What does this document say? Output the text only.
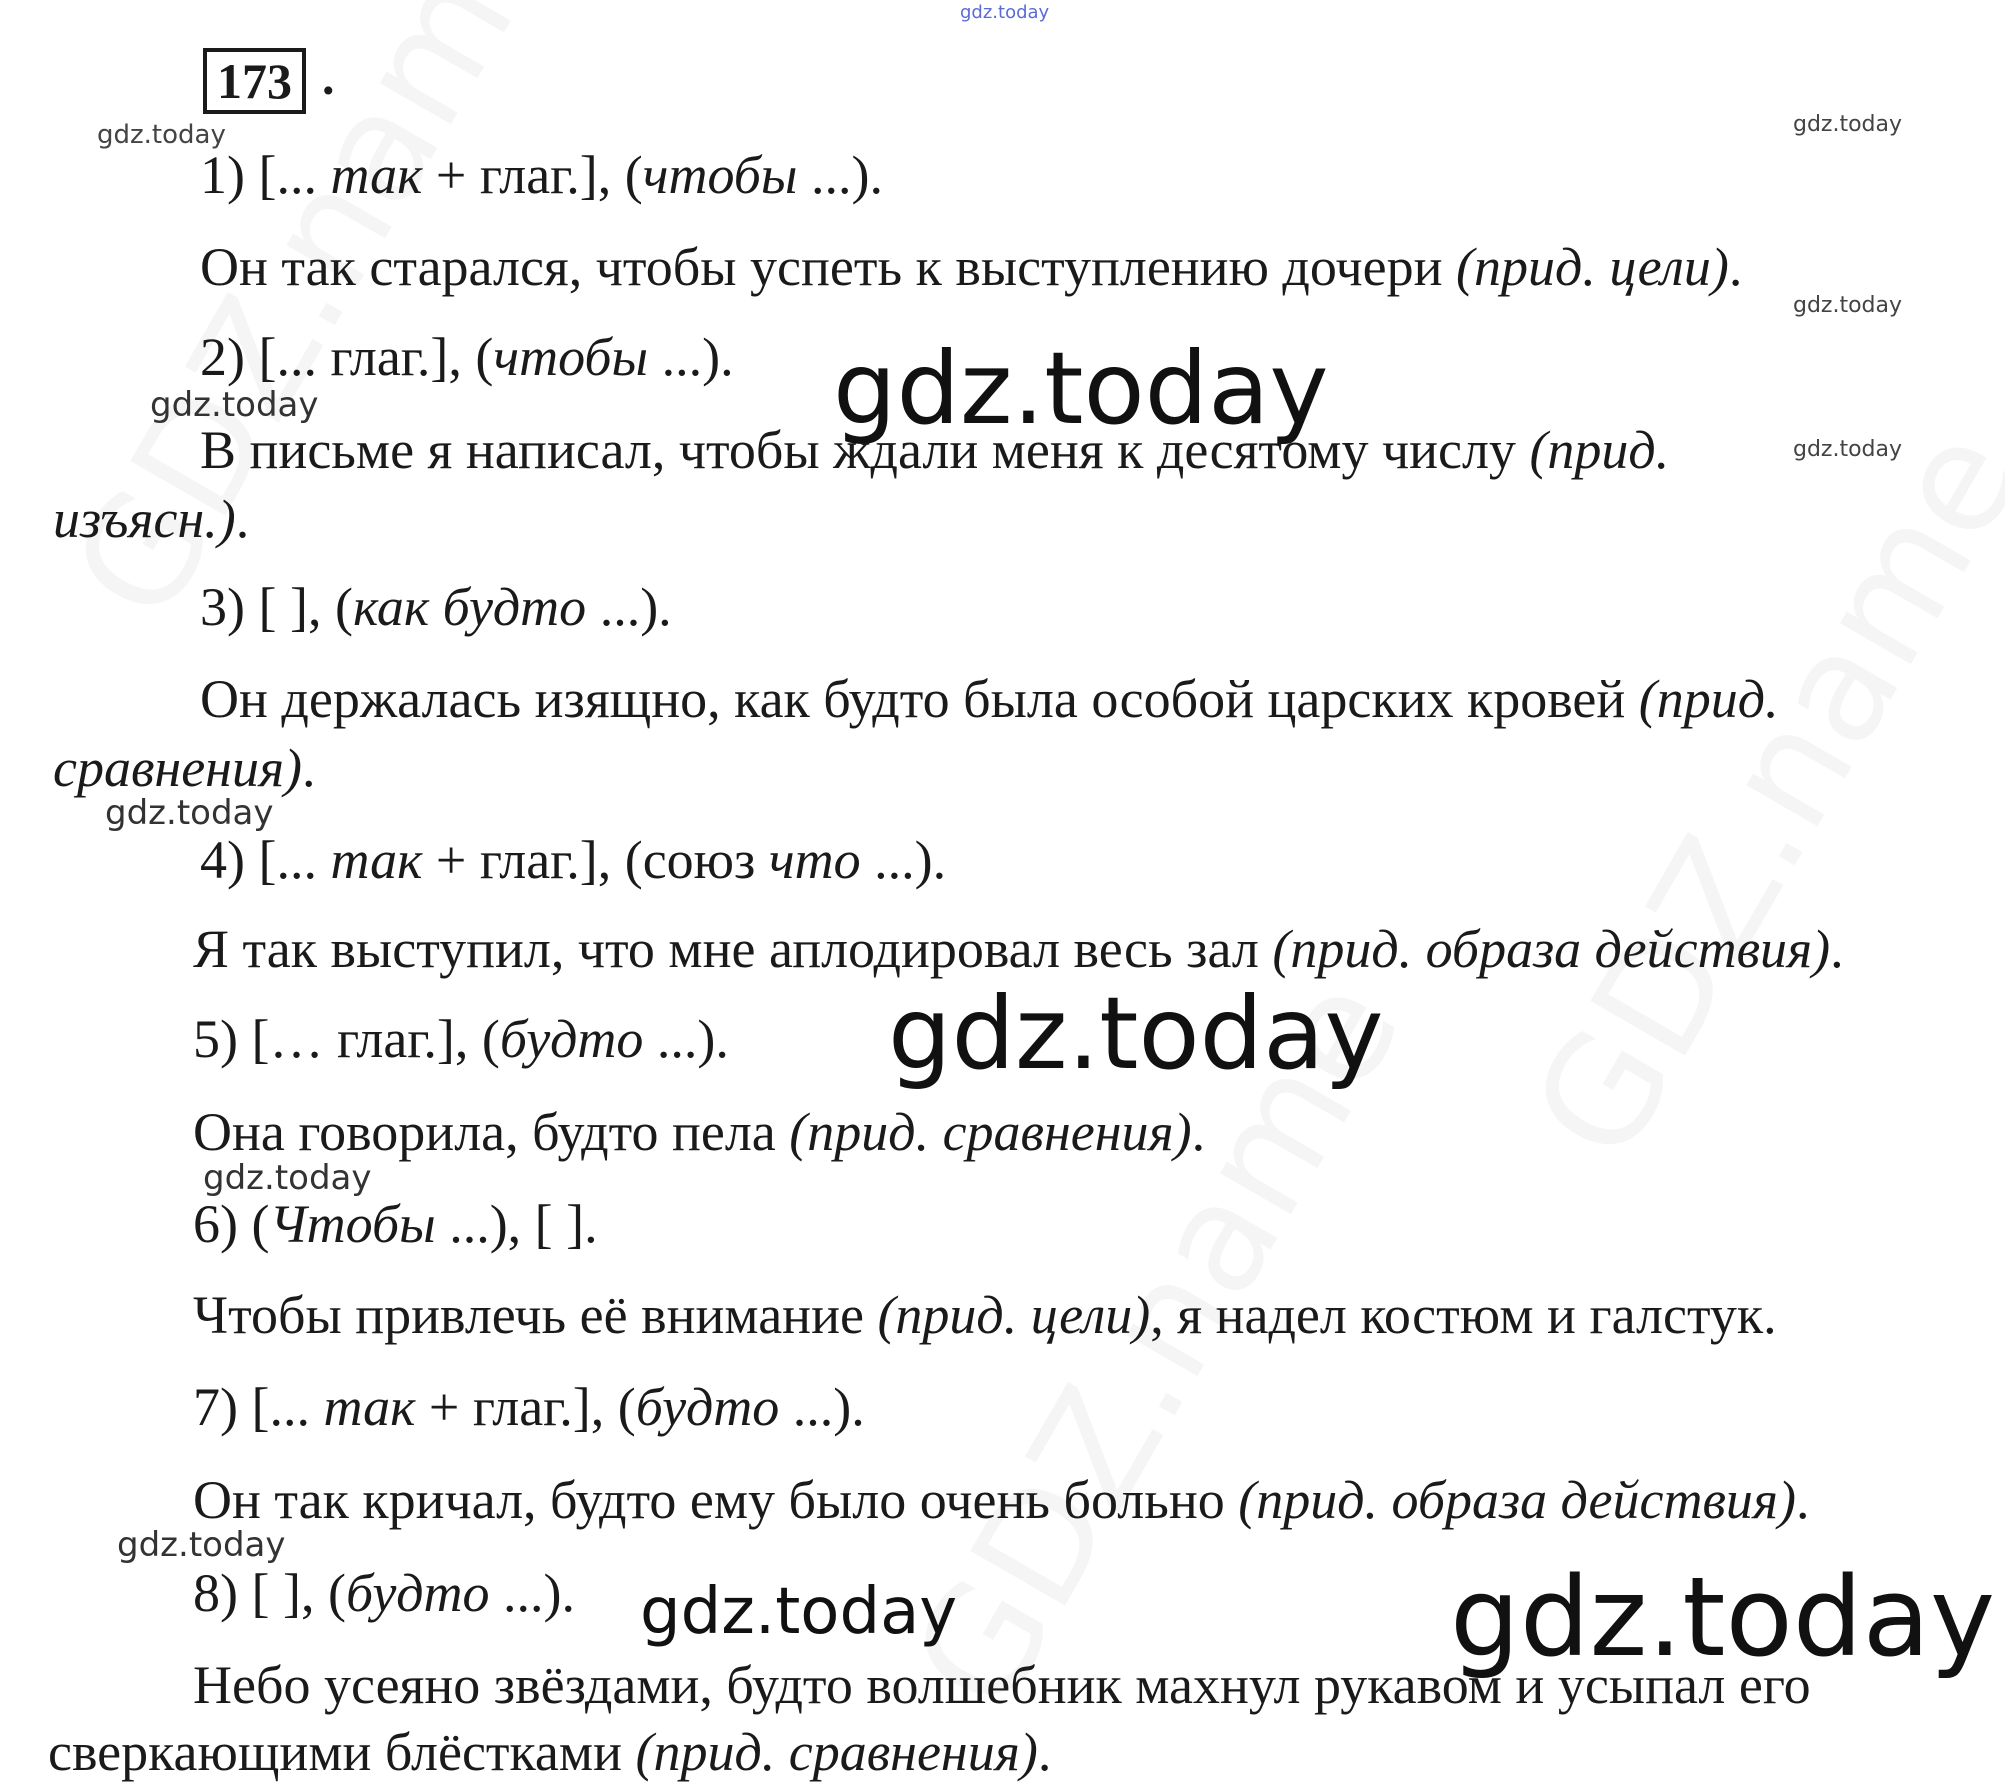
173 .
gdz.today
gdz.today	gdz.today
gdz.today
gdz.today
gdz.today
gdz.today
gdz.today
gdz.today
gdz.today
gdz.today
gdz.today	gdz.today
1) [... так + глаг.], (чтобы ...).
Он так старался, чтобы успеть к выступлению дочери (прид. цели).
2) [... глаг.], (чтобы ...).
В письме я написал, чтобы ждали меня к десятому числу (прид.
изъясн.).
3) [ ], (как будто ...).
Он держалась изящно, как будто была особой царских кровей (прид.
сравнения).
4) [... так + глаг.], (союз что ...).
Я так выступил, что мне аплодировал весь зал (прид. образа действия).
5) [… глаг.], (будто ...).
Она говорила, будто пела (прид. сравнения).
6) (Чтобы ...), [ ].
Чтобы привлечь её внимание (прид. цели), я надел костюм и галстук.
7) [... так + глаг.], (будто ...).
Он так кричал, будто ему было очень больно (прид. образа действия).
8) [ ], (будто ...).
Небо усеяно звёздами, будто волшебник махнул рукавом и усыпал его
сверкающими блёстками (прид. сравнения).
